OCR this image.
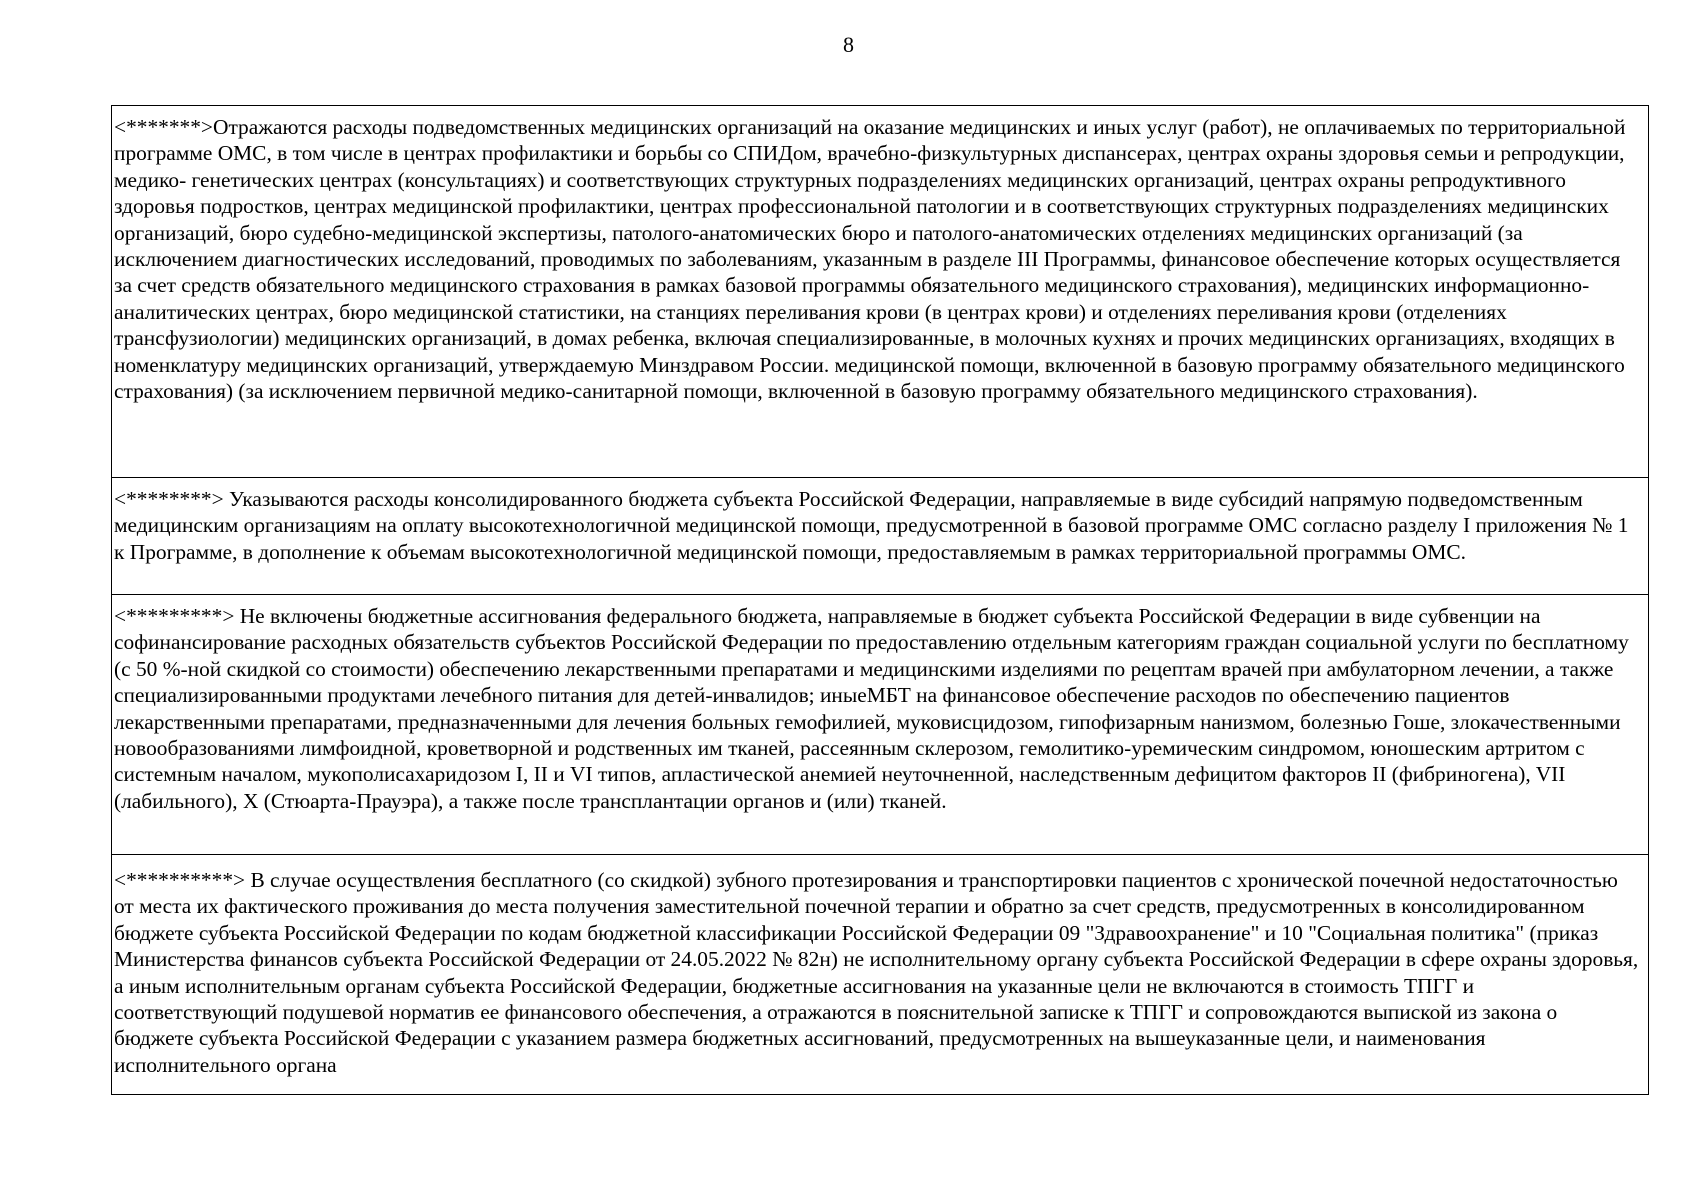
8
<*******>Отражаются расходы подведомственных медицинских организаций на оказание медицинских и иных услуг (работ), не оплачиваемых по территориальной программе ОМС, в том числе в центрах профилактики и борьбы со СПИДом, врачебно-физкультурных диспансерах, центрах охраны здоровья семьи и репродукции, медико- генетических центрах (консультациях) и соответствующих структурных подразделениях медицинских организаций, центрах охраны репродуктивного здоровья подростков, центрах медицинской профилактики, центрах профессиональной патологии и в соответствующих структурных подразделениях медицинских организаций, бюро судебно-медицинской экспертизы, патолого-анатомических бюро и патолого-анатомических отделениях медицинских организаций (за исключением диагностических исследований, проводимых по заболеваниям, указанным в разделе III Программы, финансовое обеспечение которых осуществляется за счет средств обязательного медицинского страхования в рамках базовой программы обязательного медицинского страхования), медицинских информационно-аналитических центрах, бюро медицинской статистики, на станциях переливания крови (в центрах крови) и отделениях переливания крови (отделениях трансфузиологии) медицинских организаций, в домах ребенка, включая специализированные, в молочных кухнях и прочих медицинских организациях, входящих в номенклатуру медицинских организаций, утверждаемую Минздравом России. медицинской помощи, включенной в базовую программу обязательного медицинского страхования) (за исключением первичной медико-санитарной помощи, включенной в базовую программу обязательного медицинского страхования).
<********> Указываются расходы консолидированного бюджета субъекта Российской Федерации, направляемые в виде субсидий напрямую подведомственным медицинским организациям на оплату высокотехнологичной медицинской помощи, предусмотренной в базовой программе ОМС согласно разделу I приложения № 1 к Программе, в дополнение к объемам высокотехнологичной медицинской помощи, предоставляемым в рамках территориальной программы ОМС.
<*********> Не включены бюджетные ассигнования федерального бюджета, направляемые в бюджет субъекта Российской Федерации в виде субвенции на софинансирование расходных обязательств субъектов Российской Федерации по предоставлению отдельным категориям граждан социальной услуги по бесплатному (с 50 %-ной скидкой со стоимости) обеспечению лекарственными препаратами и медицинскими изделиями по рецептам врачей при амбулаторном лечении, а также специализированными продуктами лечебного питания для детей-инвалидов; иныеМБТ на финансовое обеспечение расходов по обеспечению пациентов лекарственными препаратами, предназначенными для лечения больных гемофилией, муковисцидозом, гипофизарным нанизмом, болезнью Гоше, злокачественными новообразованиями лимфоидной, кроветворной и родственных им тканей, рассеянным склерозом, гемолитико-уремическим синдромом, юношеским артритом с системным началом, мукополисахаридозом I, II и VI типов, апластической анемией неуточненной, наследственным дефицитом факторов II (фибриногена), VII (лабильного), X (Стюарта-Прауэра), а также после трансплантации органов и (или) тканей.
<**********> В случае осуществления бесплатного (со скидкой) зубного протезирования и транспортировки пациентов с хронической почечной недостаточностью от места их фактического проживания до места получения заместительной почечной терапии и обратно за счет средств, предусмотренных в консолидированном бюджете субъекта Российской Федерации по кодам бюджетной классификации Российской Федерации 09 "Здравоохранение" и 10 "Социальная политика" (приказ Министерства финансов субъекта Российской Федерации от 24.05.2022 № 82н) не исполнительному органу субъекта Российской Федерации в сфере охраны здоровья, а иным исполнительным органам субъекта Российской Федерации, бюджетные ассигнования на указанные цели не включаются в стоимость ТПГГ и соответствующий подушевой норматив ее финансового обеспечения, а отражаются в пояснительной записке к ТПГГ и сопровождаются выпиской из закона о бюджете субъекта Российской Федерации с указанием размера бюджетных ассигнований, предусмотренных на вышеуказанные цели, и наименования исполнительного органа
